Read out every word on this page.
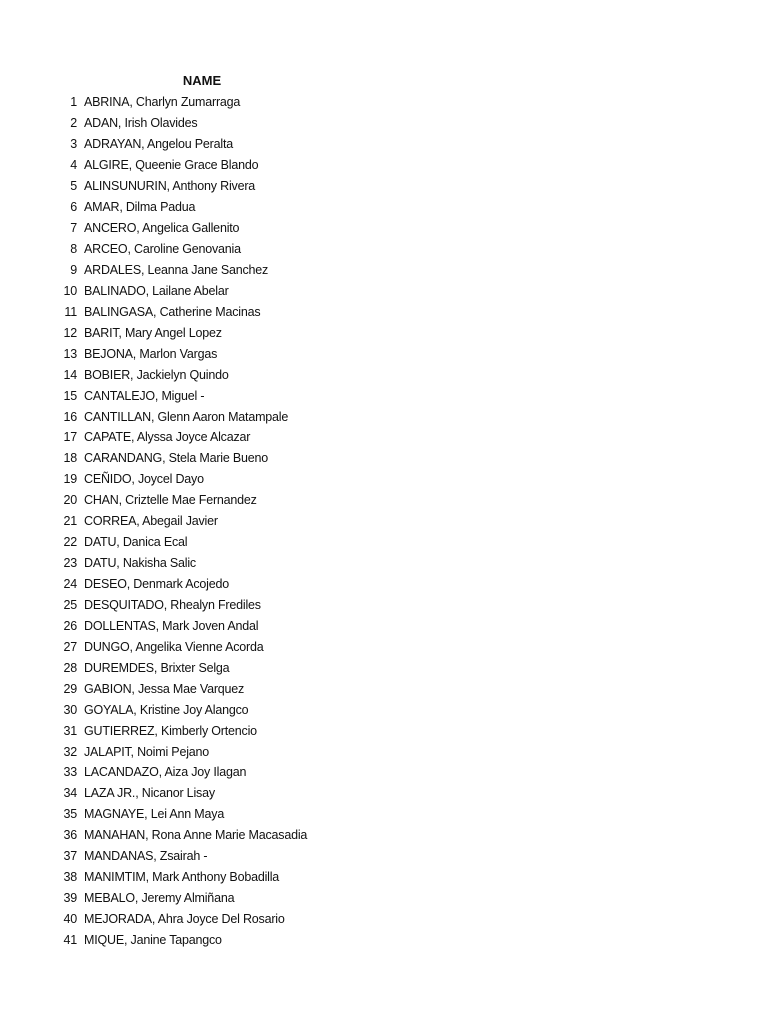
NAME
1 ABRINA, Charlyn Zumarraga
2 ADAN, Irish Olavides
3 ADRAYAN, Angelou Peralta
4 ALGIRE, Queenie Grace Blando
5 ALINSUNURIN, Anthony Rivera
6 AMAR, Dilma Padua
7 ANCERO, Angelica Gallenito
8 ARCEO, Caroline Genovania
9 ARDALES, Leanna Jane Sanchez
10 BALINADO, Lailane Abelar
11 BALINGASA, Catherine Macinas
12 BARIT, Mary Angel Lopez
13 BEJONA, Marlon Vargas
14 BOBIER, Jackielyn Quindo
15 CANTALEJO, Miguel -
16 CANTILLAN, Glenn Aaron Matampale
17 CAPATE, Alyssa Joyce Alcazar
18 CARANDANG, Stela Marie Bueno
19 CEÑIDO, Joycel Dayo
20 CHAN, Criztelle Mae Fernandez
21 CORREA, Abegail Javier
22 DATU, Danica Ecal
23 DATU, Nakisha Salic
24 DESEO, Denmark Acojedo
25 DESQUITADO, Rhealyn Frediles
26 DOLLENTAS, Mark Joven Andal
27 DUNGO, Angelika Vienne Acorda
28 DUREMDES, Brixter Selga
29 GABION, Jessa Mae Varquez
30 GOYALA, Kristine Joy Alangco
31 GUTIERREZ, Kimberly Ortencio
32 JALAPIT, Noimi Pejano
33 LACANDAZO, Aiza Joy Ilagan
34 LAZA JR., Nicanor Lisay
35 MAGNAYE, Lei Ann Maya
36 MANAHAN, Rona Anne Marie Macasadia
37 MANDANAS, Zsairah -
38 MANIMTIM, Mark Anthony Bobadilla
39 MEBALO, Jeremy Almiñana
40 MEJORADA, Ahra Joyce Del Rosario
41 MIQUE, Janine Tapangco
